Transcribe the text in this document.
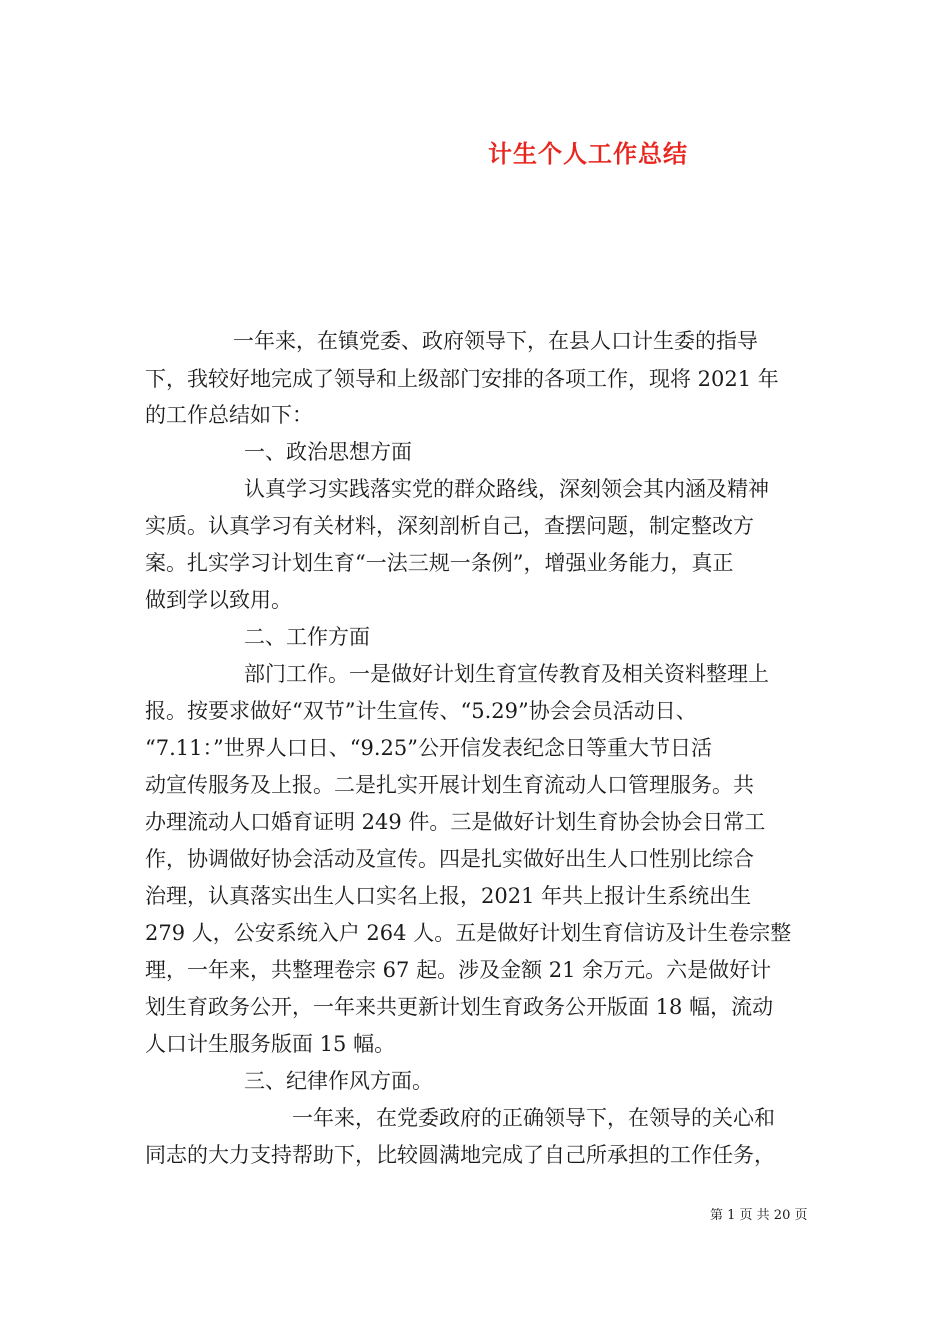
计生个人工作总结
一年来，在镇党委、政府领导下，在县人口计生委的指导
下，我较好地完成了领导和上级部门安排的各项工作，现将 2021 年
的工作总结如下：
一、政治思想方面
认真学习实践落实党的群众路线，深刻领会其内涵及精神
实质。认真学习有关材料，深刻剖析自己，查摆问题，制定整改方
案。扎实学习计划生育“一法三规一条例”，增强业务能力，真正
做到学以致用。
二、工作方面
部门工作。一是做好计划生育宣传教育及相关资料整理上
报。按要求做好“双节”计生宣传、“5.29”协会会员活动日、
“7.11：”世界人口日、“9.25”公开信发表纪念日等重大节日活
动宣传服务及上报。二是扎实开展计划生育流动人口管理服务。共
办理流动人口婚育证明 249 件。三是做好计划生育协会协会日常工
作，协调做好协会活动及宣传。四是扎实做好出生人口性别比综合
治理，认真落实出生人口实名上报，2021 年共上报计生系统出生
279 人，公安系统入户 264 人。五是做好计划生育信访及计生卷宗整
理，一年来，共整理卷宗 67 起。涉及金额 21 余万元。六是做好计
划生育政务公开，一年来共更新计划生育政务公开版面 18 幅，流动
人口计生服务版面 15 幅。
三、纪律作风方面。
一年来，在党委政府的正确领导下，在领导的关心和
同志的大力支持帮助下，比较圆满地完成了自己所承担的工作任务，
第 1 页 共 20 页
